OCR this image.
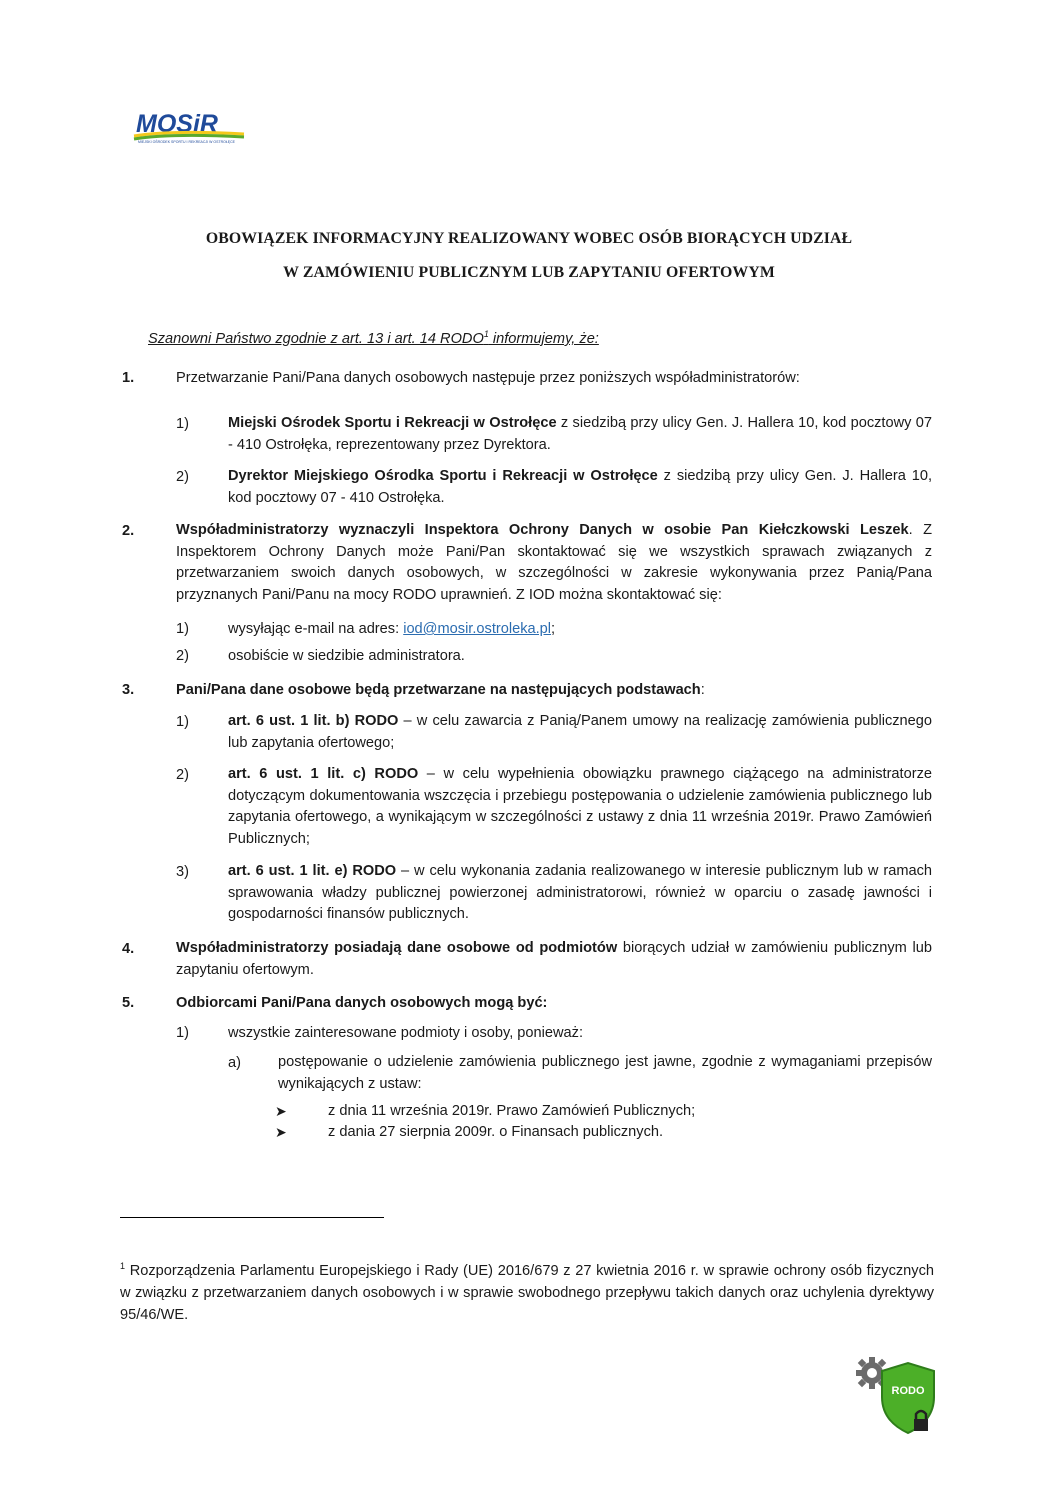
MOSiR
MIEJSKI OŚRODEK SPORTU I REKREACJI W OSTROŁĘCE
OBOWIĄZEK INFORMACYJNY REALIZOWANY WOBEC OSÓB BIORĄCYCH UDZIAŁ
W ZAMÓWIENIU PUBLICZNYM LUB ZAPYTANIU OFERTOWYM
Szanowni Państwo zgodnie z art. 13 i art. 14 RODO$^1$ informujemy, że:
1.	Przetwarzanie Pani/Pana danych osobowych następuje przez poniższych współadministratorów:
1)	Miejski Ośrodek Sportu i Rekreacji w Ostrołęce z siedzibą przy ulicy Gen. J. Hallera 10, kod pocztowy 07 - 410 Ostrołęka, reprezentowany przez Dyrektora.
2)	Dyrektor Miejskiego Ośrodka Sportu i Rekreacji w Ostrołęce z siedzibą przy ulicy Gen. J. Hallera 10, kod pocztowy 07 - 410 Ostrołęka.
2.	Współadministratorzy wyznaczyli Inspektora Ochrony Danych w osobie Pan Kiełczkowski Leszek. Z Inspektorem Ochrony Danych może Pani/Pan skontaktować się we wszystkich sprawach związanych z przetwarzaniem swoich danych osobowych, w szczególności w zakresie wykonywania przez Panią/Pana przyznanych Pani/Panu na mocy RODO uprawnień. Z IOD można skontaktować się:
1)	wysyłając e-mail na adres: iod@mosir.ostroleka.pl;
2)	osobiście w siedzibie administratora.
3.	Pani/Pana dane osobowe będą przetwarzane na następujących podstawach:
1)	art. 6 ust. 1 lit. b) RODO – w celu zawarcia z Panią/Panem umowy na realizację zamówienia publicznego lub zapytania ofertowego;
2)	art. 6 ust. 1 lit. c) RODO – w celu wypełnienia obowiązku prawnego ciążącego na administratorze dotyczącym dokumentowania wszczęcia i przebiegu postępowania o udzielenie zamówienia publicznego lub zapytania ofertowego, a wynikającym w szczególności z ustawy z dnia 11 września 2019r. Prawo Zamówień Publicznych;
3)	art. 6 ust. 1 lit. e) RODO – w celu wykonania zadania realizowanego w interesie publicznym lub w ramach sprawowania władzy publicznej powierzonej administratorowi, również w oparciu o zasadę jawności i gospodarności finansów publicznych.
4.	Współadministratorzy posiadają dane osobowe od podmiotów biorących udział w zamówieniu publicznym lub zapytaniu ofertowym.
5.	Odbiorcami Pani/Pana danych osobowych mogą być:
1)	wszystkie zainteresowane podmioty i osoby, ponieważ:
a)	postępowanie o udzielenie zamówienia publicznego jest jawne, zgodnie z wymaganiami przepisów wynikających z ustaw:
➤	z dnia 11 września 2019r. Prawo Zamówień Publicznych;
➤	z dania 27 sierpnia 2009r. o Finansach publicznych.
$^1$ Rozporządzenia Parlamentu Europejskiego i Rady (UE) 2016/679 z 27 kwietnia 2016 r. w sprawie ochrony osób fizycznych w związku z przetwarzaniem danych osobowych i w sprawie swobodnego przepływu takich danych oraz uchylenia dyrektywy 95/46/WE.
RODO
